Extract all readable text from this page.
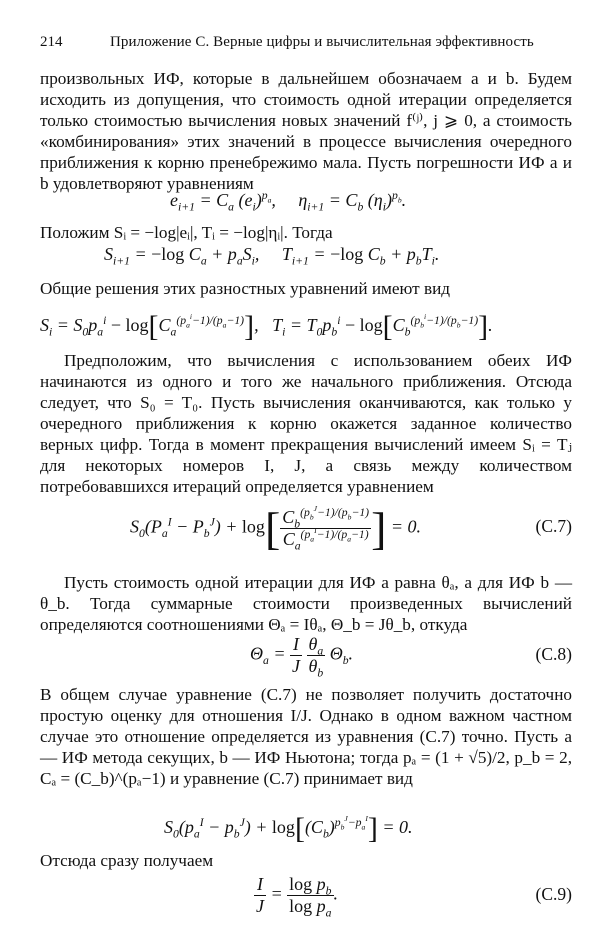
214	Приложение С. Верные цифры и вычислительная эффективность
произвольных ИФ, которые в дальнейшем обозначаем a и b. Будем исходить из допущения, что стоимость одной итерации определяется только стоимостью вычисления новых значений f⁽ʲ⁾, j ⩾ 0, а стоимость «комбинирования» этих значений в процессе вычисления очередного приближения к корню пренебрежимо мала. Пусть погрешности ИФ a и b удовлетворяют уравнениям
$e_{i+1} = C_a$ $(e_i)^{p_a}$,     $\eta_{i+1} = C_b$ $(\eta_i)^{p_b}$.
Положим Sᵢ = −log|eᵢ|, Tᵢ = −log|ηᵢ|. Тогда
$S_{i+1} = -\log$ $C_a + p_aS_i$,     $T_{i+1} = -\log$ $C_b + p_bT_i$.
Общие решения этих разностных уравнений имеют вид
$S_i = S_0p_a^i - \log[C_a^{(p_a^i-1)/(p_a-1)}]$,   $T_i = T_0p_b^i - \log[C_b^{(p_b^i-1)/(p_b-1)}]$.
Предположим, что вычисления с использованием обеих ИФ начинаются из одного и того же начального приближения. Отсюда следует, что S₀ = T₀. Пусть вычисления оканчиваются, как только у очередного приближения к корню окажется заданное количество верных цифр. Тогда в момент прекращения вычислений имеем Sᵢ = Tⱼ для некоторых номеров I, J, а связь между количеством потребовавшихся итераций определяется уравнением
$S_0(P_a^I - P_b^J) + \log[ \frac{C_b^{(p_b^J-1)/(p_b-1)}}{C_a^{(p_a^I-1)/(p_a-1)}}$ ] = 0.	(C.7)
Пусть стоимость одной итерации для ИФ a равна θₐ, а для ИФ b — θ_b. Тогда суммарные стоимости произведенных вычислений определяются соотношениями Θₐ = Iθₐ, Θ_b = Jθ_b, откуда
$\Theta_a = \frac{I}{J}$
$\frac{\theta_a}{\theta_b} \Theta_b$.	(C.8)
В общем случае уравнение (C.7) не позволяет получить достаточно простую оценку для отношения I/J. Однако в одном важном частном случае это отношение определяется из уравнения (C.7) точно. Пусть a — ИФ метода секущих, b — ИФ Ньютона; тогда pₐ = (1 + √5)/2, p_b = 2, Cₐ = (C_b)^(pₐ−1) и уравнение (C.7) принимает вид
$S_0(p_a^I - p_b^J) + \log[(C_b)^{p_b^J-p_a^I}] = 0$.
Отсюда сразу получаем
$\frac{I}{J} = \frac{\log p_b}{\log p_a}$ .	(C.9)
